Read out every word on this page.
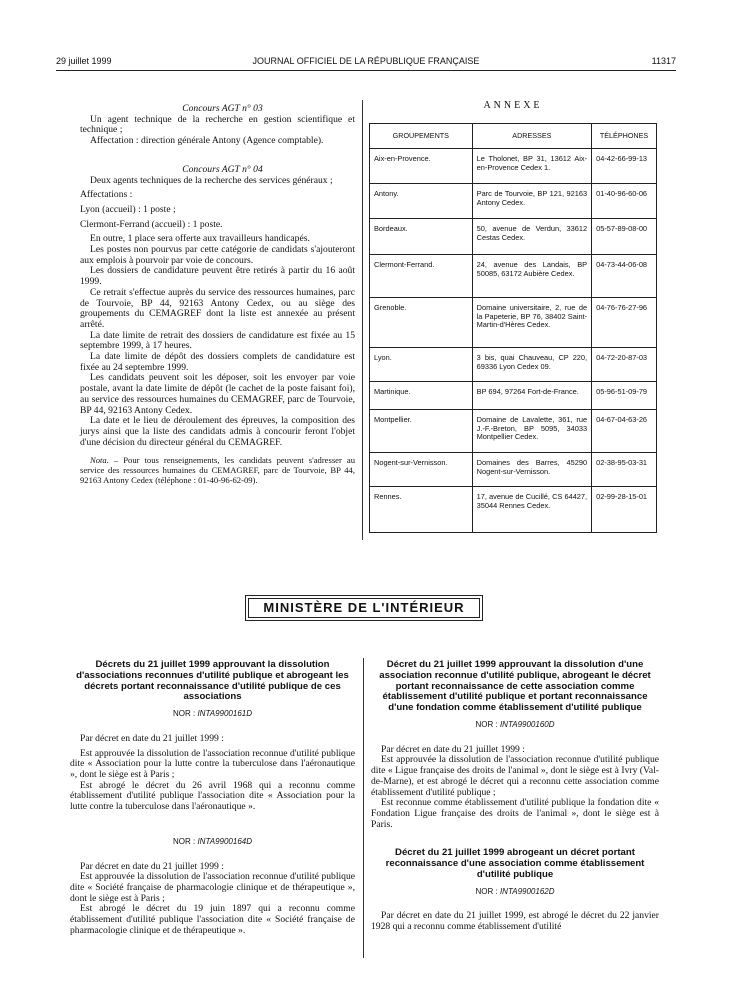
29 juillet 1999	JOURNAL OFFICIEL DE LA RÉPUBLIQUE FRANÇAISE	11317

Concours AGT n° 03

Un agent technique de la recherche en gestion scientifique et technique ;

Affectation : direction générale Antony (Agence comptable).

Concours AGT n° 04

Deux agents techniques de la recherche des services généraux ;

Affectations :

Lyon (accueil) : 1 poste ;

Clermont-Ferrand (accueil) : 1 poste.

En outre, 1 place sera offerte aux travailleurs handicapés.

Les postes non pourvus par cette catégorie de candidats s'ajouteront aux emplois à pourvoir par voie de concours.

Les dossiers de candidature peuvent être retirés à partir du 16 août 1999.

Ce retrait s'effectue auprès du service des ressources humaines, parc de Tourvoie, BP 44, 92163 Antony Cedex, ou au siège des groupements du CEMAGREF dont la liste est annexée au présent arrêté.

La date limite de retrait des dossiers de candidature est fixée au 15 septembre 1999, à 17 heures.

La date limite de dépôt des dossiers complets de candidature est fixée au 24 septembre 1999.

Les candidats peuvent soit les déposer, soit les envoyer par voie postale, avant la date limite de dépôt (le cachet de la poste faisant foi), au service des ressources humaines du CEMAGREF, parc de Tourvoie, BP 44, 92163 Antony Cedex.

La date et le lieu de déroulement des épreuves, la composition des jurys ainsi que la liste des candidats admis à concourir feront l'objet d'une décision du directeur général du CEMAGREF.

Nota. – Pour tous renseignements, les candidats peuvent s'adresser au service des ressources humaines du CEMAGREF, parc de Tourvoie, BP 44, 92163 Antony Cedex (téléphone : 01-40-96-62-09).

ANNEXE
GROUPEMENTS	ADRESSES	TÉLÉPHONES
Aix-en-Provence.	Le Tholonet, BP 31, 13612 Aix-en-Provence Cedex 1.	04-42-66-99-13
Antony.	Parc de Tourvoie, BP 121, 92163 Antony Cedex.	01-40-96-60-06
Bordeaux.	50, avenue de Verdun, 33612 Cestas Cedex.	05-57-89-08-00
Clermont-Ferrand.	24, avenue des Landais, BP 50085, 63172 Aubière Cedex.	04-73-44-06-08
Grenoble.	Domaine universitaire, 2, rue de la Papeterie, BP 76, 38402 Saint-Martin-d'Hères Cedex.	04-76-76-27-96
Lyon.	3 bis, quai Chauveau, CP 220, 69336 Lyon Cedex 09.	04-72-20-87-03
Martinique.	BP 694, 97264 Fort-de-France.	05-96-51-09-79
Montpellier.	Domaine de Lavalette, 361, rue J.-F.-Breton, BP 5095, 34033 Montpellier Cedex.	04-67-04-63-26
Nogent-sur-Vernisson.	Domaines des Barres, 45290 Nogent-sur-Vernisson.	02-38-95-03-31
Rennes.	17, avenue de Cucillé, CS 64427, 35044 Rennes Cedex.	02-99-28-15-01
MINISTÈRE DE L'INTÉRIEUR
Décrets du 21 juillet 1999 approuvant la dissolution d'associations reconnues d'utilité publique et abrogeant les décrets portant reconnaissance d'utilité publique de ces associations
NOR : INTA9900161D

Par décret en date du 21 juillet 1999 :

Est approuvée la dissolution de l'association reconnue d'utilité publique dite « Association pour la lutte contre la tuberculose dans l'aéronautique », dont le siège est à Paris ;

Est abrogé le décret du 26 avril 1968 qui a reconnu comme établissement d'utilité publique l'association dite « Association pour la lutte contre la tuberculose dans l'aéronautique ».

NOR : INTA9900164D

Par décret en date du 21 juillet 1999 :

Est approuvée la dissolution de l'association reconnue d'utilité publique dite « Société française de pharmacologie clinique et de thérapeutique », dont le siège est à Paris ;

Est abrogé le décret du 19 juin 1897 qui a reconnu comme établissement d'utilité publique l'association dite « Société française de pharmacologie clinique et de thérapeutique ».

Décret du 21 juillet 1999 approuvant la dissolution d'une association reconnue d'utilité publique, abrogeant le décret portant reconnaissance de cette association comme établissement d'utilité publique et portant reconnaissance d'une fondation comme établissement d'utilité publique
NOR : INTA9900160D

Par décret en date du 21 juillet 1999 :

Est approuvée la dissolution de l'association reconnue d'utilité publique dite « Ligue française des droits de l'animal », dont le siège est à Ivry (Val-de-Marne), et est abrogé le décret qui a reconnu cette association comme établissement d'utilité publique ;

Est reconnue comme établissement d'utilité publique la fondation dite « Fondation Ligue française des droits de l'animal », dont le siège est à Paris.

Décret du 21 juillet 1999 abrogeant un décret portant reconnaissance d'une association comme établissement d'utilité publique
NOR : INTA9900162D

Par décret en date du 21 juillet 1999, est abrogé le décret du 22 janvier 1928 qui a reconnu comme établissement d'utilité
